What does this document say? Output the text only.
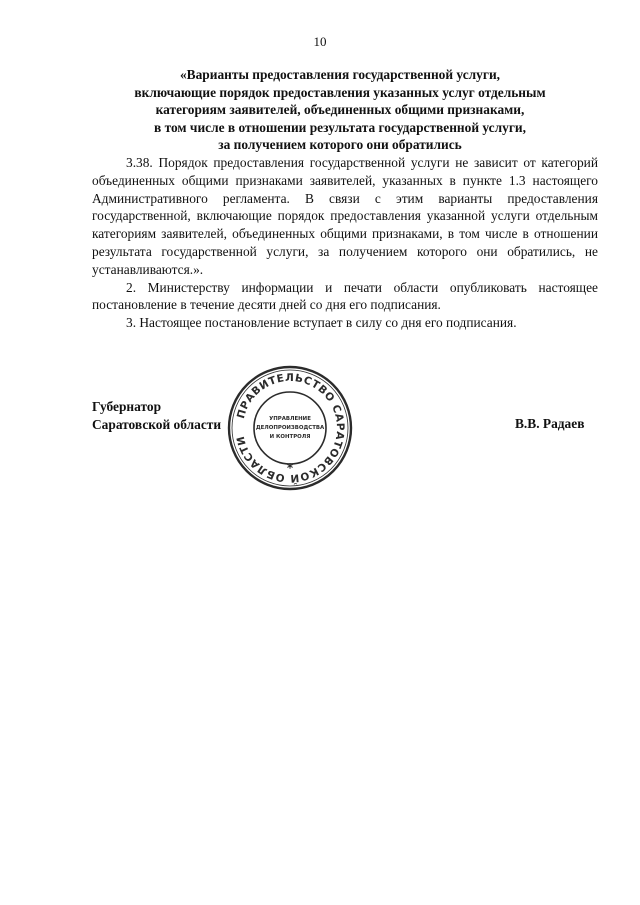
10
«Варианты предоставления государственной услуги,
включающие порядок предоставления указанных услуг отдельным
категориям заявителей, объединенных общими признаками,
в том числе в отношении результата государственной услуги,
за получением которого они обратились

3.38. Порядок предоставления государственной услуги не зависит от категорий объединенных общими признаками заявителей, указанных в пункте 1.3 настоящего Административного регламента. В связи с этим варианты предоставления государственной, включающие порядок предоставления указанной услуги отдельным категориям заявителей, объединенных общими признаками, в том числе в отношении результата государственной услуги, за получением которого они обратились, не устанавливаются.».

2. Министерству информации и печати области опубликовать настоящее постановление в течение десяти дней со дня его подписания.

3. Настоящее постановление вступает в силу со дня его подписания.

Губернатор
Саратовской области
ПРАВИТЕЛЬСТВО САРАТОВСКОЙ ОБЛАСТИ
УПРАВЛЕНИЕ
ДЕЛОПРОИЗВОДСТВА
И КОНТРОЛЯ
*
В.В. Радаев
